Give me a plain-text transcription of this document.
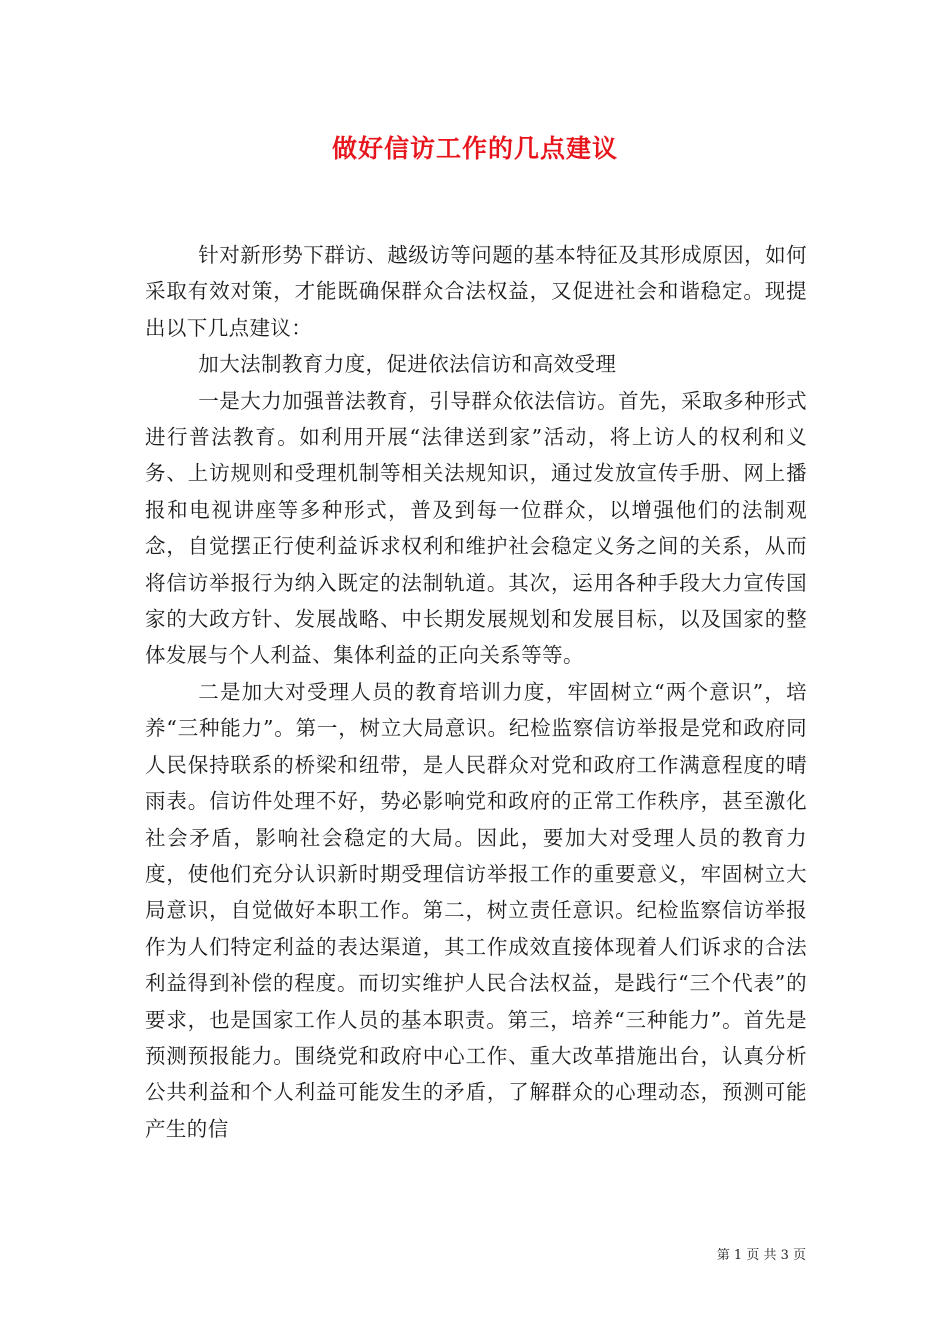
做好信访工作的几点建议

针对新形势下群访、越级访等问题的基本特征及其形成原因，如何采取有效对策，才能既确保群众合法权益，又促进社会和谐稳定。现提出以下几点建议：

加大法制教育力度，促进依法信访和高效受理

一是大力加强普法教育，引导群众依法信访。首先，采取多种形式进行普法教育。如利用开展“法律送到家”活动，将上访人的权利和义务、上访规则和受理机制等相关法规知识，通过发放宣传手册、网上播报和电视讲座等多种形式，普及到每一位群众，以增强他们的法制观念，自觉摆正行使利益诉求权利和维护社会稳定义务之间的关系，从而将信访举报行为纳入既定的法制轨道。其次，运用各种手段大力宣传国家的大政方针、发展战略、中长期发展规划和发展目标，以及国家的整体发展与个人利益、集体利益的正向关系等等。

二是加大对受理人员的教育培训力度，牢固树立“两个意识”，培养“三种能力”。第一，树立大局意识。纪检监察信访举报是党和政府同人民保持联系的桥梁和纽带，是人民群众对党和政府工作满意程度的晴雨表。信访件处理不好，势必影响党和政府的正常工作秩序，甚至激化社会矛盾，影响社会稳定的大局。因此，要加大对受理人员的教育力度，使他们充分认识新时期受理信访举报工作的重要意义，牢固树立大局意识，自觉做好本职工作。第二，树立责任意识。纪检监察信访举报作为人们特定利益的表达渠道，其工作成效直接体现着人们诉求的合法利益得到补偿的程度。而切实维护人民合法权益，是践行“三个代表”的要求，也是国家工作人员的基本职责。第三，培养“三种能力”。首先是预测预报能力。围绕党和政府中心工作、重大改革措施出台，认真分析公共利益和个人利益可能发生的矛盾，了解群众的心理动态，预测可能产生的信

第 1 页 共 3 页
